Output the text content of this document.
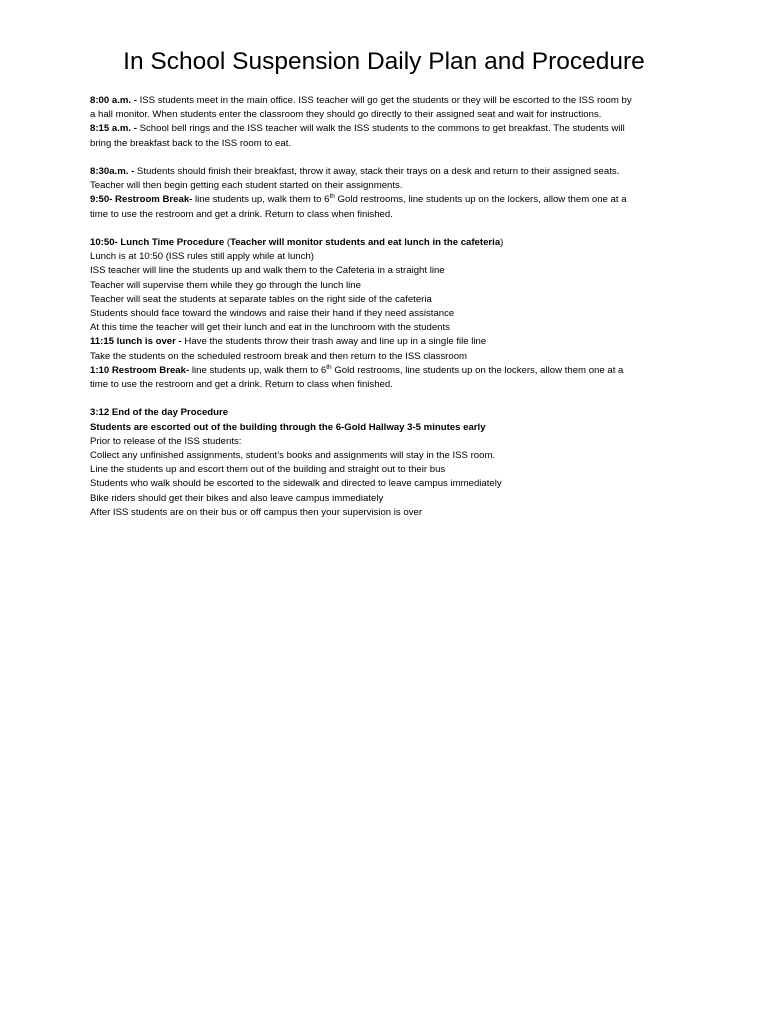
In School Suspension Daily Plan and Procedure
8:00 a.m. - ISS students meet in the main office. ISS teacher will go get the students or they will be escorted to the ISS room by
a hall monitor. When students enter the classroom they should go directly to their assigned seat and wait for instructions.
8:15 a.m. - School bell rings and the ISS teacher will walk the ISS students to the commons to get breakfast. The students will
bring the breakfast back to the ISS room to eat.
8:30a.m. - Students should finish their breakfast, throw it away, stack their trays on a desk and return to their assigned seats.
Teacher will then begin getting each student started on their assignments.
9:50- Restroom Break- line students up, walk them to 6th Gold restrooms, line students up on the lockers, allow them one at a
time to use the restroom and get a drink. Return to class when finished.
10:50- Lunch Time Procedure (Teacher will monitor students and eat lunch in the cafeteria)
Lunch is at 10:50 (ISS rules still apply while at lunch)
ISS teacher will line the students up and walk them to the Cafeteria in a straight line
Teacher will supervise them while they go through the lunch line
Teacher will seat the students at separate tables on the right side of the cafeteria
Students should face toward the windows and raise their hand if they need assistance
At this time the teacher will get their lunch and eat in the lunchroom with the students
11:15 lunch is over - Have the students throw their trash away and line up in a single file line
Take the students on the scheduled restroom break and then return to the ISS classroom
1:10 Restroom Break- line students up, walk them to 6th Gold restrooms, line students up on the lockers, allow them one at a
time to use the restroom and get a drink. Return to class when finished.
3:12 End of the day Procedure
Students are escorted out of the building through the 6-Gold Hallway 3-5 minutes early
Prior to release of the ISS students:
Collect any unfinished assignments, student’s books and assignments will stay in the ISS room.
Line the students up and escort them out of the building and straight out to their bus
Students who walk should be escorted to the sidewalk and directed to leave campus immediately
Bike riders should get their bikes and also leave campus immediately
After ISS students are on their bus or off campus then your supervision is over
